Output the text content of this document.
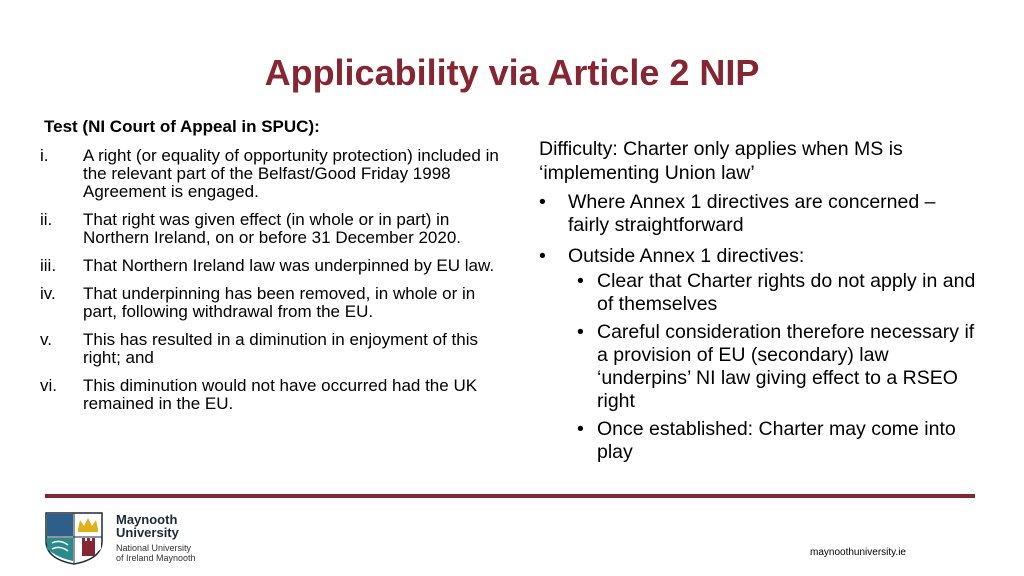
Applicability via Article 2 NIP
Test (NI Court of Appeal in SPUC):
i.	A right (or equality of opportunity protection) included in the relevant part of the Belfast/Good Friday 1998 Agreement is engaged.
ii.	That right was given effect (in whole or in part) in Northern Ireland, on or before 31 December 2020.
iii.	That Northern Ireland law was underpinned by EU law.
iv.	That underpinning has been removed, in whole or in part, following withdrawal from the EU.
v.	This has resulted in a diminution in enjoyment of this right; and
vi.	This diminution would not have occurred had the UK remained in the EU.
Difficulty: Charter only applies when MS is ‘implementing Union law’
•	Where Annex 1 directives are concerned – fairly straightforward
•	Outside Annex 1 directives:
• Clear that Charter rights do not apply in and of themselves
• Careful consideration therefore necessary if a provision of EU (secondary) law ‘underpins’ NI law giving effect to a RSEO right
• Once established: Charter may come into play
Maynooth
University
National University
of Ireland Maynooth	maynoothuniversity.ie
